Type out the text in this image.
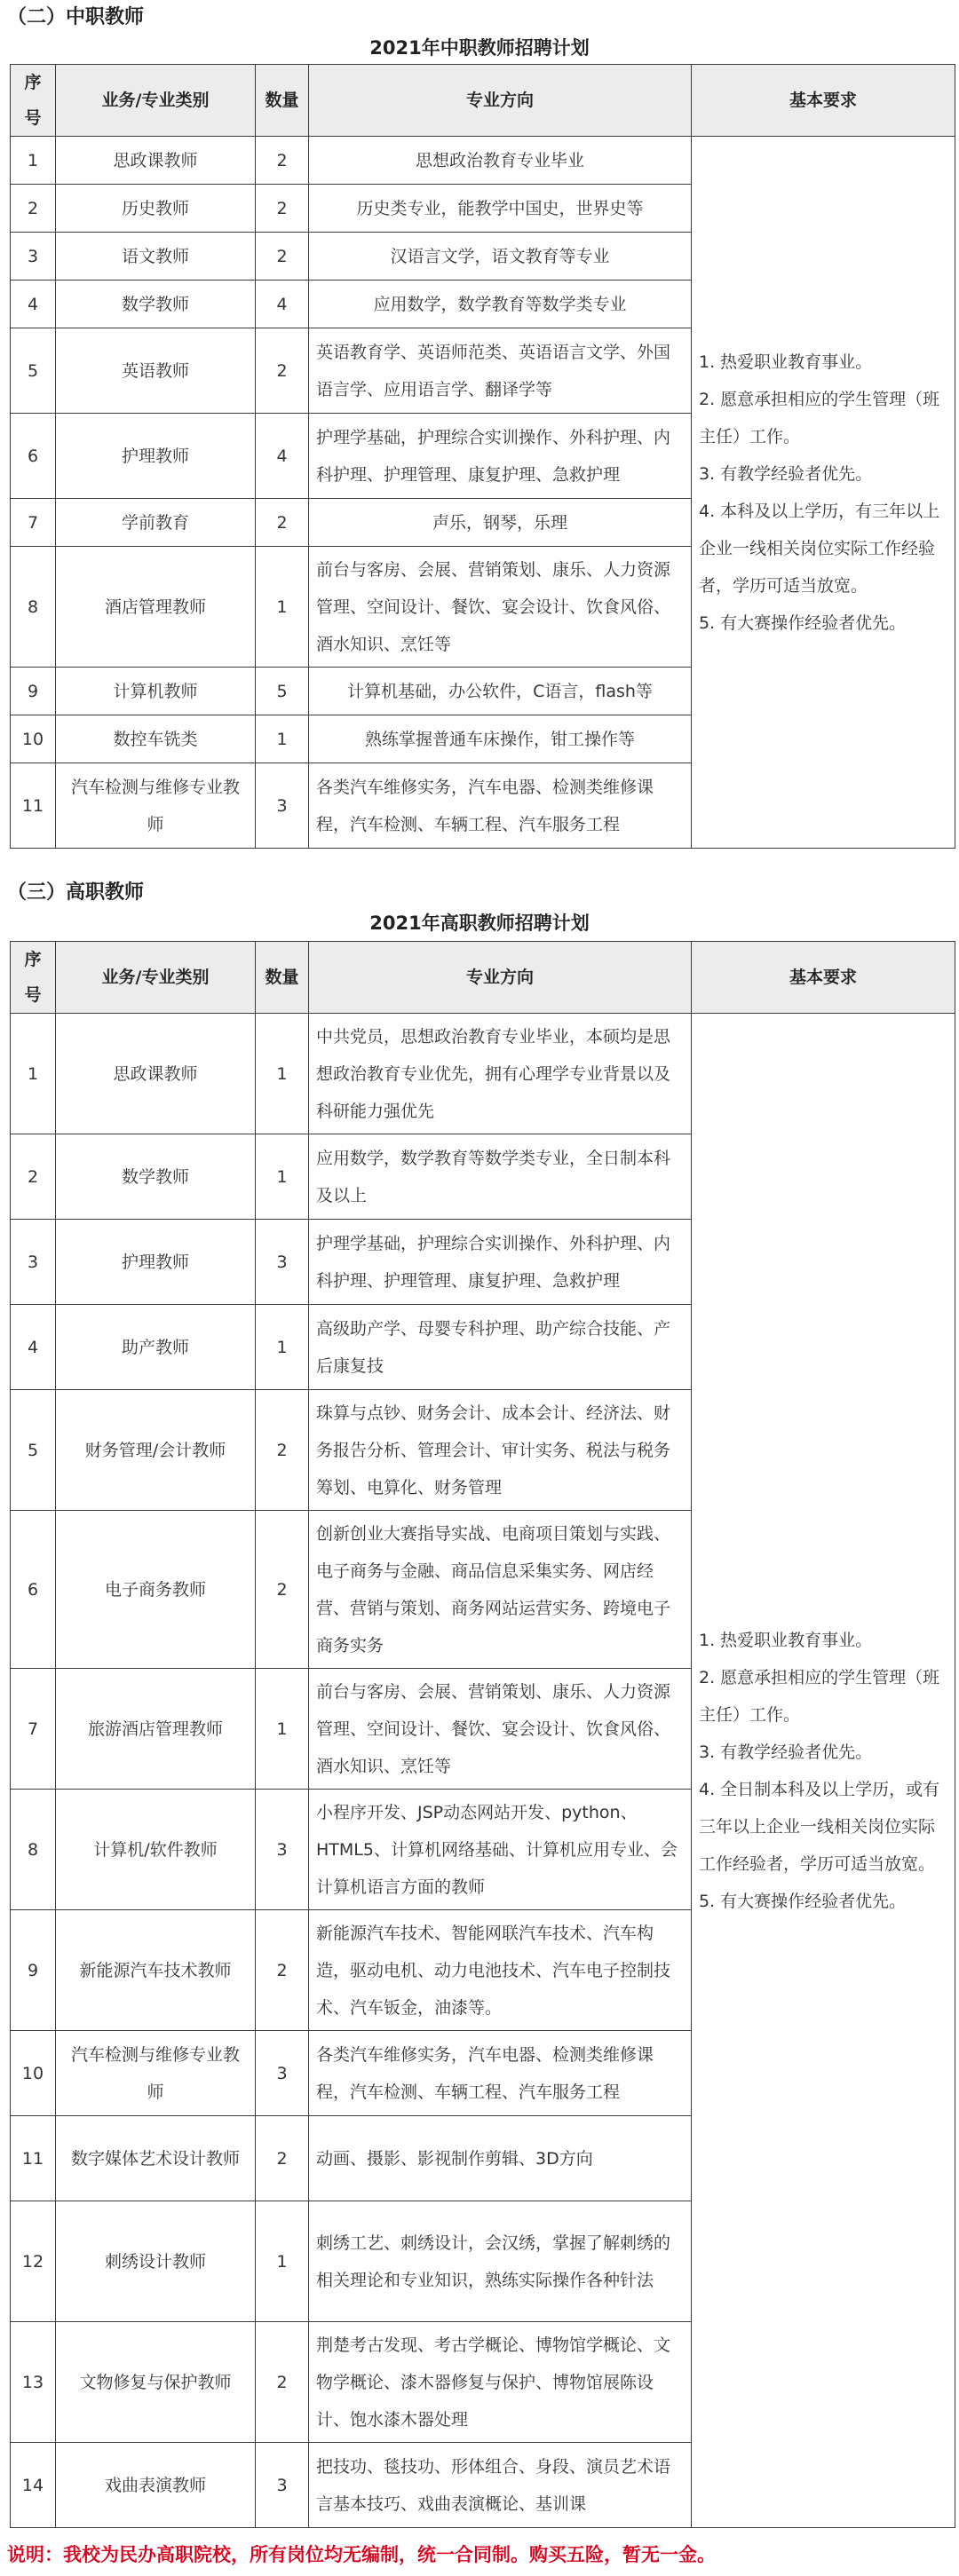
（二）中职教师
2021年中职教师招聘计划
序
号	业务/专业类别	数量	专业方向	基本要求
1	思政课教师	2	思想政治教育专业毕业	1. 热爱职业教育事业。
2. 愿意承担相应的学生管理（班主任）工作。
3. 有教学经验者优先。
4. 本科及以上学历，有三年以上企业一线相关岗位实际工作经验者，学历可适当放宽。
5. 有大赛操作经验者优先。

2	历史教师	2	历史类专业，能教学中国史，世界史等	
3	语文教师	2	汉语言文学，语文教育等专业	
4	数学教师	4	应用数学，数学教育等数学类专业	
5	英语教师	2	英语教育学、英语师范类、英语语言文学、外国语言学、应用语言学、翻译学等	
6	护理教师	4	护理学基础，护理综合实训操作、外科护理、内科护理、护理管理、康复护理、急救护理	
7	学前教育	2	声乐，钢琴，乐理	
8	酒店管理教师	1	前台与客房、会展、营销策划、康乐、人力资源管理、空间设计、餐饮、宴会设计、饮食风俗、酒水知识、烹饪等	
9	计算机教师	5	计算机基础，办公软件，C语言，flash等	
10	数控车铣类	1	熟练掌握普通车床操作，钳工操作等	
11	汽车检测与维修专业教师	3	各类汽车维修实务，汽车电器、检测类维修课程，汽车检测、车辆工程、汽车服务工程	
（三）高职教师
2021年高职教师招聘计划
序
号	业务/专业类别	数量	专业方向	基本要求
1	思政课教师	1	中共党员，思想政治教育专业毕业，本硕均是思想政治教育专业优先，拥有心理学专业背景以及科研能力强优先	1. 热爱职业教育事业。
2. 愿意承担相应的学生管理（班主任）工作。
3. 有教学经验者优先。
4. 全日制本科及以上学历，或有三年以上企业一线相关岗位实际工作经验者，学历可适当放宽。
5. 有大赛操作经验者优先。

2	数学教师	1	应用数学，数学教育等数学类专业，全日制本科及以上	
3	护理教师	3	护理学基础，护理综合实训操作、外科护理、内科护理、护理管理、康复护理、急救护理	
4	助产教师	1	高级助产学、母婴专科护理、助产综合技能、产后康复技	
5	财务管理/会计教师	2	珠算与点钞、财务会计、成本会计、经济法、财务报告分析、管理会计、审计实务、税法与税务筹划、电算化、财务管理	
6	电子商务教师	2	创新创业大赛指导实战、电商项目策划与实践、电子商务与金融、商品信息采集实务、网店经营、营销与策划、商务网站运营实务、跨境电子商务实务	
7	旅游酒店管理教师	1	前台与客房、会展、营销策划、康乐、人力资源管理、空间设计、餐饮、宴会设计、饮食风俗、酒水知识、烹饪等	
8	计算机/软件教师	3	小程序开发、JSP动态网站开发、python、HTML5、计算机网络基础、计算机应用专业、会计算机语言方面的教师	
9	新能源汽车技术教师	2	新能源汽车技术、智能网联汽车技术、汽车构造，驱动电机、动力电池技术、汽车电子控制技术、汽车钣金，油漆等。	
10	汽车检测与维修专业教师	3	各类汽车维修实务，汽车电器、检测类维修课程，汽车检测、车辆工程、汽车服务工程	
11	数字媒体艺术设计教师	2	动画、摄影、影视制作剪辑、3D方向	
12	刺绣设计教师	1	刺绣工艺、刺绣设计，会汉绣，掌握了解刺绣的相关理论和专业知识，熟练实际操作各种针法	
13	文物修复与保护教师	2	荆楚考古发现、考古学概论、博物馆学概论、文物学概论、漆木器修复与保护、博物馆展陈设计、饱水漆木器处理	
14	戏曲表演教师	3	把技功、毯技功、形体组合、身段、演员艺术语言基本技巧、戏曲表演概论、基训课	
说明：我校为民办高职院校，所有岗位均无编制，统一合同制。购买五险，暂无一金。
